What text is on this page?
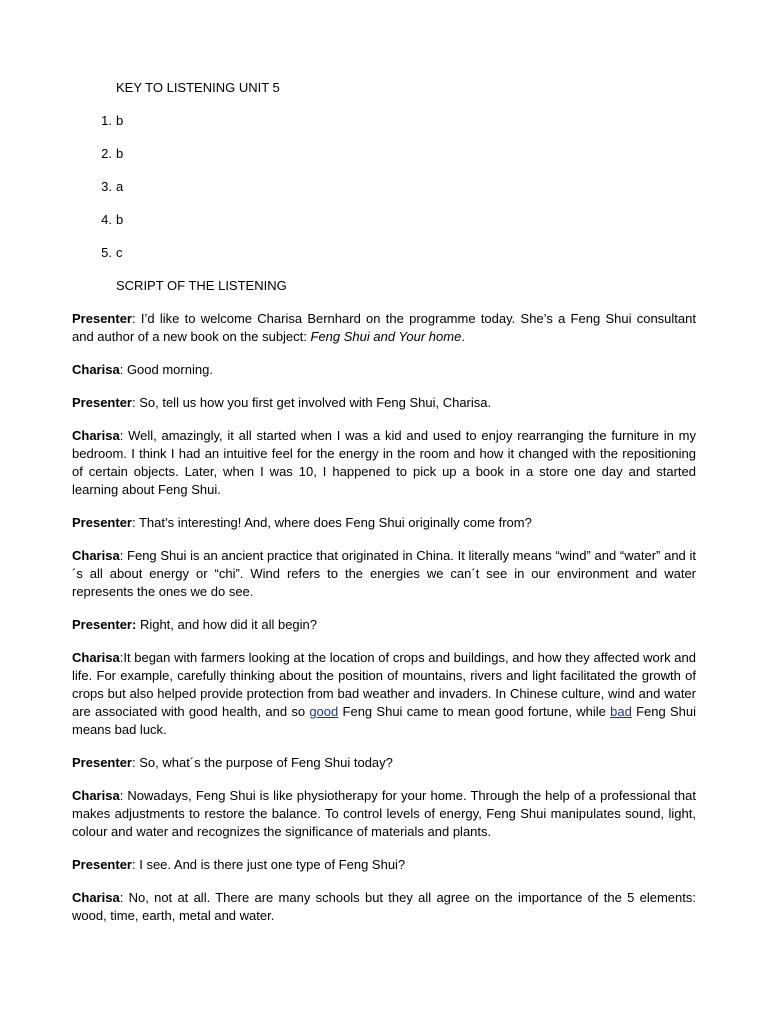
KEY TO LISTENING UNIT 5

1. b
2. b
3. a
4. b
5. c

SCRIPT OF THE LISTENING

Presenter: I’d like to welcome Charisa Bernhard on the programme today. She’s a Feng Shui consultant and author of a new book on the subject: Feng Shui and Your home.

Charisa: Good morning.

Presenter: So, tell us how you first get involved with Feng Shui, Charisa.

Charisa: Well, amazingly, it all started when I was a kid and used to enjoy rearranging the furniture in my bedroom. I think I had an intuitive feel for the energy in the room and how it changed with the repositioning of certain objects. Later, when I was 10, I happened to pick up a book in a store one day and started learning about Feng Shui.

Presenter: That’s interesting! And, where does Feng Shui originally come from?

Charisa: Feng Shui is an ancient practice that originated in China. It literally means “wind” and “water” and it´s all about energy or “chi”. Wind refers to the energies we can´t see in our environment and water represents the ones we do see.

Presenter: Right, and how did it all begin?

Charisa:It began with farmers looking at the location of crops and buildings, and how they affected work and life. For example, carefully thinking about the position of mountains, rivers and light facilitated the growth of crops but also helped provide protection from bad weather and invaders. In Chinese culture, wind and water are associated with good health, and so good Feng Shui came to mean good fortune, while bad Feng Shui means bad luck.

Presenter: So, what´s the purpose of Feng Shui today?

Charisa: Nowadays, Feng Shui is like physiotherapy for your home. Through the help of a professional that makes adjustments to restore the balance. To control levels of energy, Feng Shui manipulates sound, light, colour and water and recognizes the significance of materials and plants.

Presenter: I see. And is there just one type of Feng Shui?

Charisa: No, not at all. There are many schools but they all agree on the importance of the 5 elements: wood, time, earth, metal and water.
